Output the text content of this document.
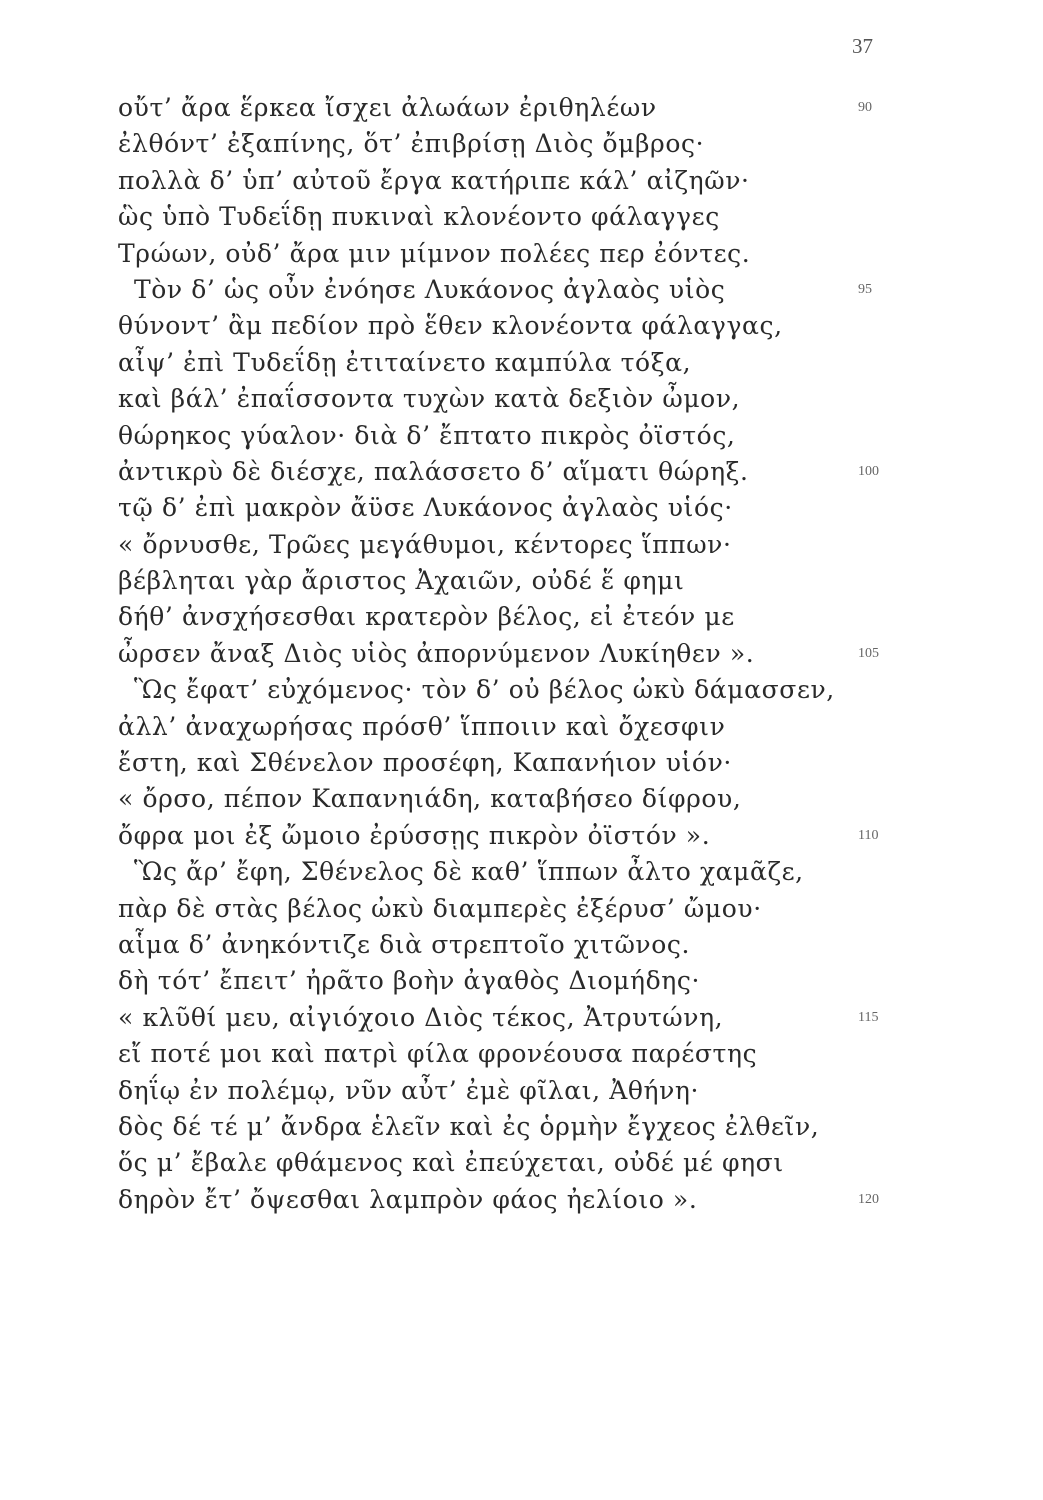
37
οὔτ’ ἄρα ἕρκεα ἴσχει ἀλωάων ἐριθηλέων	90
ἐλθόντ’ ἐξαπίνης, ὅτ’ ἐπιβρίσῃ Διὸς ὄμβρος·
πολλὰ δ’ ὑπ’ αὐτοῦ ἔργα κατήριπε κάλ’ αἰζηῶν·
ὣς ὑπὸ Τυδεΐδῃ πυκιναὶ κλονέοντο φάλαγγες
Τρώων, οὐδ’ ἄρα μιν μίμνον πολέες περ ἐόντες.
Τὸν δ’ ὡς οὖν ἐνόησε Λυκάονος ἀγλαὸς υἱὸς	95
θύνοντ’ ἂμ πεδίον πρὸ ἕθεν κλονέοντα φάλαγγας,
αἶψ’ ἐπὶ Τυδεΐδῃ ἐτιταίνετο καμπύλα τόξα,
καὶ βάλ’ ἐπαΐσσοντα τυχὼν κατὰ δεξιὸν ὦμον,
θώρηκος γύαλον· διὰ δ’ ἔπτατο πικρὸς ὀϊστός,
ἀντικρὺ δὲ διέσχε, παλάσσετο δ’ αἵματι θώρηξ.	100
τῷ δ’ ἐπὶ μακρὸν ἄϋσε Λυκάονος ἀγλαὸς υἱός·
« ὄρνυσθε, Τρῶες μεγάθυμοι, κέντορες ἵππων·
βέβληται γὰρ ἄριστος Ἀχαιῶν, οὐδέ ἕ φημι
δήθ’ ἀνσχήσεσθαι κρατερὸν βέλος, εἰ ἐτεόν με
ὦρσεν ἄναξ Διὸς υἱὸς ἀπορνύμενον Λυκίηθεν ».	105
Ὣς ἔφατ’ εὐχόμενος· τὸν δ’ οὐ βέλος ὠκὺ δάμασσεν,
ἀλλ’ ἀναχωρήσας πρόσθ’ ἵπποιιν καὶ ὄχεσφιν
ἔστη, καὶ Σθένελον προσέφη, Καπανήιον υἱόν·
« ὄρσο, πέπον Καπανηιάδη, καταβήσεο δίφρου,
ὄφρα μοι ἐξ ὤμοιο ἐρύσσῃς πικρὸν ὀϊστόν ».	110
Ὣς ἄρ’ ἔφη, Σθένελος δὲ καθ’ ἵππων ἆλτο χαμᾶζε,
πὰρ δὲ στὰς βέλος ὠκὺ διαμπερὲς ἐξέρυσ’ ὤμου·
αἷμα δ’ ἀνηκόντιζε διὰ στρεπτοῖο χιτῶνος.
δὴ τότ’ ἔπειτ’ ἠρᾶτο βοὴν ἀγαθὸς Διομήδης·
« κλῦθί μευ, αἰγιόχοιο Διὸς τέκος, Ἀτρυτώνη,	115
εἴ ποτέ μοι καὶ πατρὶ φίλα φρονέουσα παρέστης
δηΐῳ ἐν πολέμῳ, νῦν αὖτ’ ἐμὲ φῖλαι, Ἀθήνη·
δὸς δέ τέ μ’ ἄνδρα ἑλεῖν καὶ ἐς ὁρμὴν ἔγχεος ἐλθεῖν,
ὅς μ’ ἔβαλε φθάμενος καὶ ἐπεύχεται, οὐδέ μέ φησι
δηρὸν ἔτ’ ὄψεσθαι λαμπρὸν φάος ἠελίοιο ».	120
